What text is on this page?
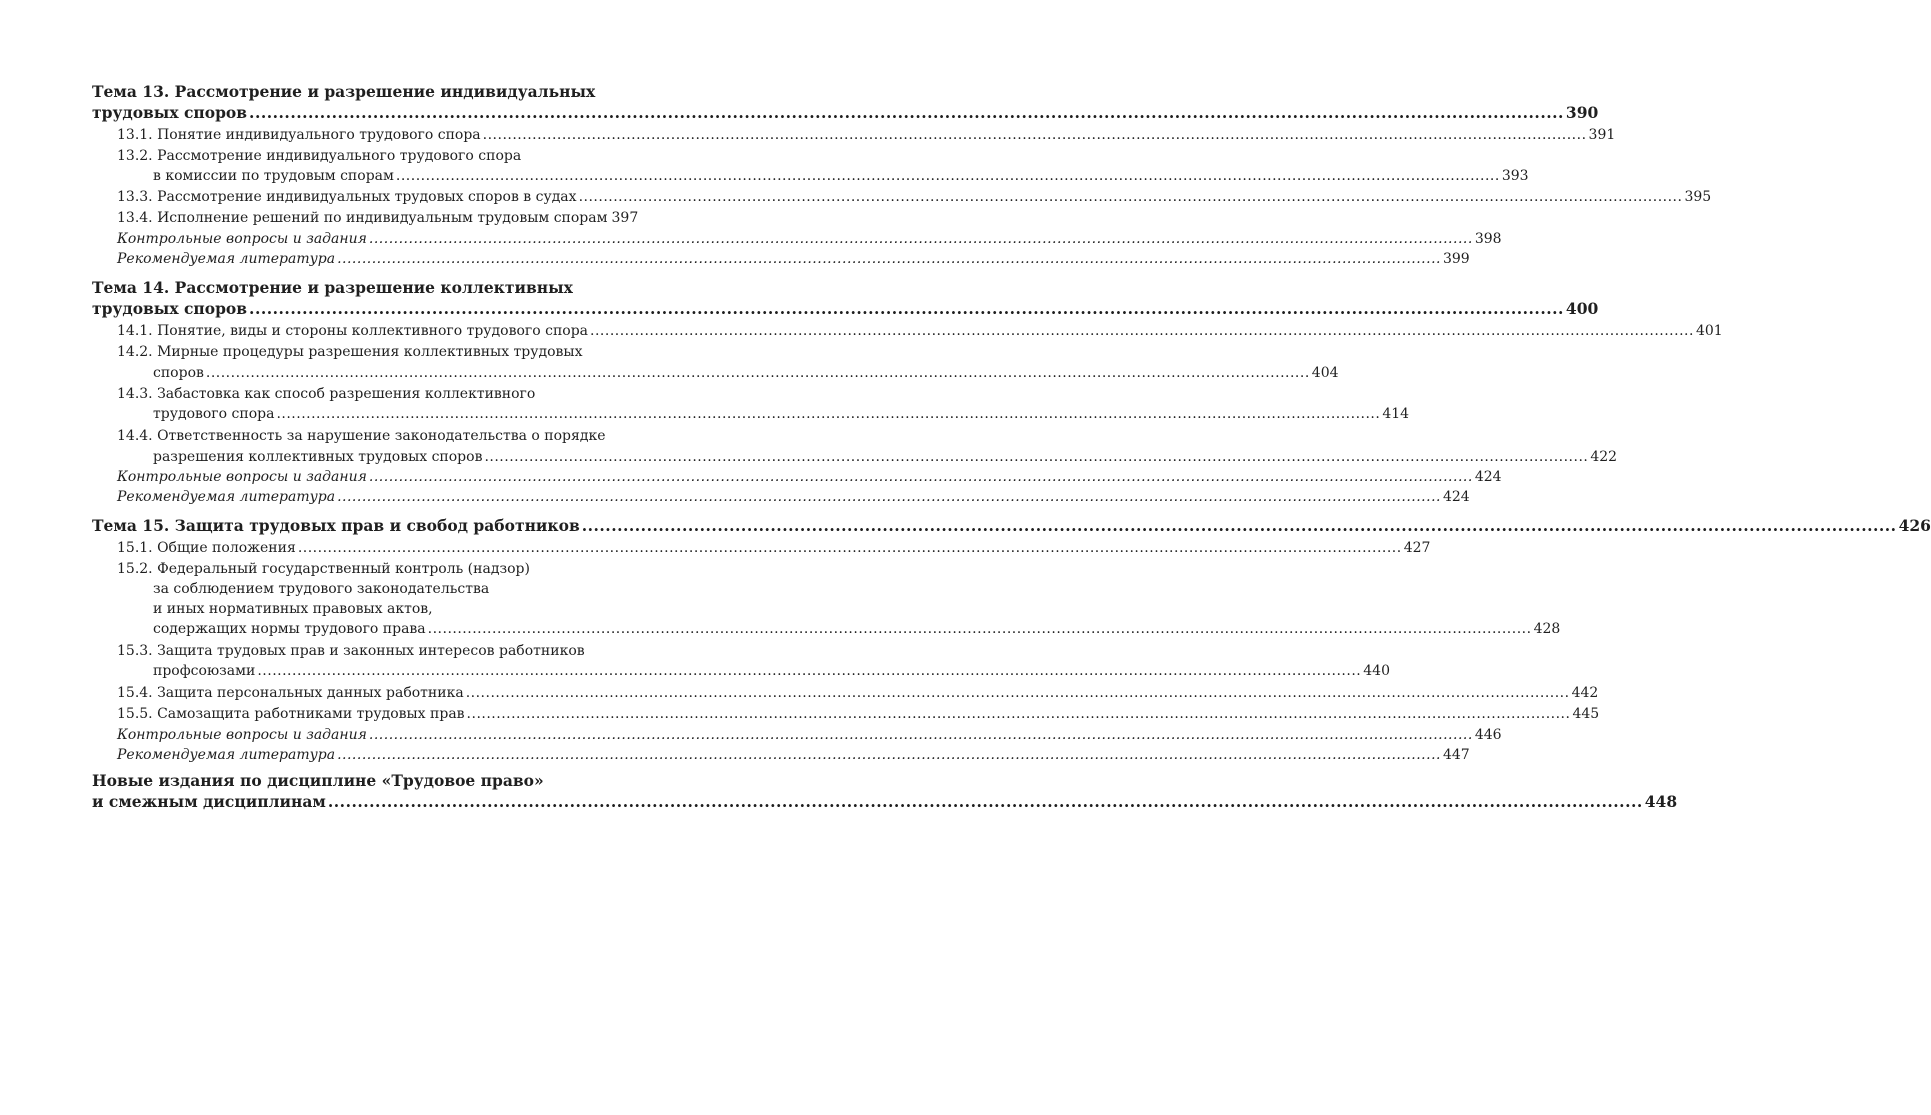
Тема 13. Рассмотрение и разрешение индивидуальных
трудовых споров .....	390
13.1. Понятие индивидуального трудового спора .....	391
13.2. Рассмотрение индивидуального трудового спора
в комиссии по трудовым спорам .....	393
13.3. Рассмотрение индивидуальных трудовых споров в судах .....	395
13.4. Исполнение решений по индивидуальным трудовым спорам 397
Контрольные вопросы и задания .....	398
Рекомендуемая литература .....	399
Тема 14. Рассмотрение и разрешение коллективных
трудовых споров .....	400
14.1. Понятие, виды и стороны коллективного трудового спора .....	401
14.2. Мирные процедуры разрешения коллективных трудовых
споров .....	404
14.3. Забастовка как способ разрешения коллективного
трудового спора .....	414
14.4. Ответственность за нарушение законодательства о порядке
разрешения коллективных трудовых споров .....	422
Контрольные вопросы и задания .....	424
Рекомендуемая литература .....	424
Тема 15. Защита трудовых прав и свобод работников .....	426
15.1. Общие положения .....	427
15.2. Федеральный государственный контроль (надзор)
за соблюдением трудового законодательства
и иных нормативных правовых актов,
содержащих нормы трудового права .....	428
15.3. Защита трудовых прав и законных интересов работников
профсоюзами .....	440
15.4. Защита персональных данных работника .....	442
15.5. Самозащита работниками трудовых прав .....	445
Контрольные вопросы и задания .....	446
Рекомендуемая литература .....	447
Новые издания по дисциплине «Трудовое право»
и смежным дисциплинам .....	448
